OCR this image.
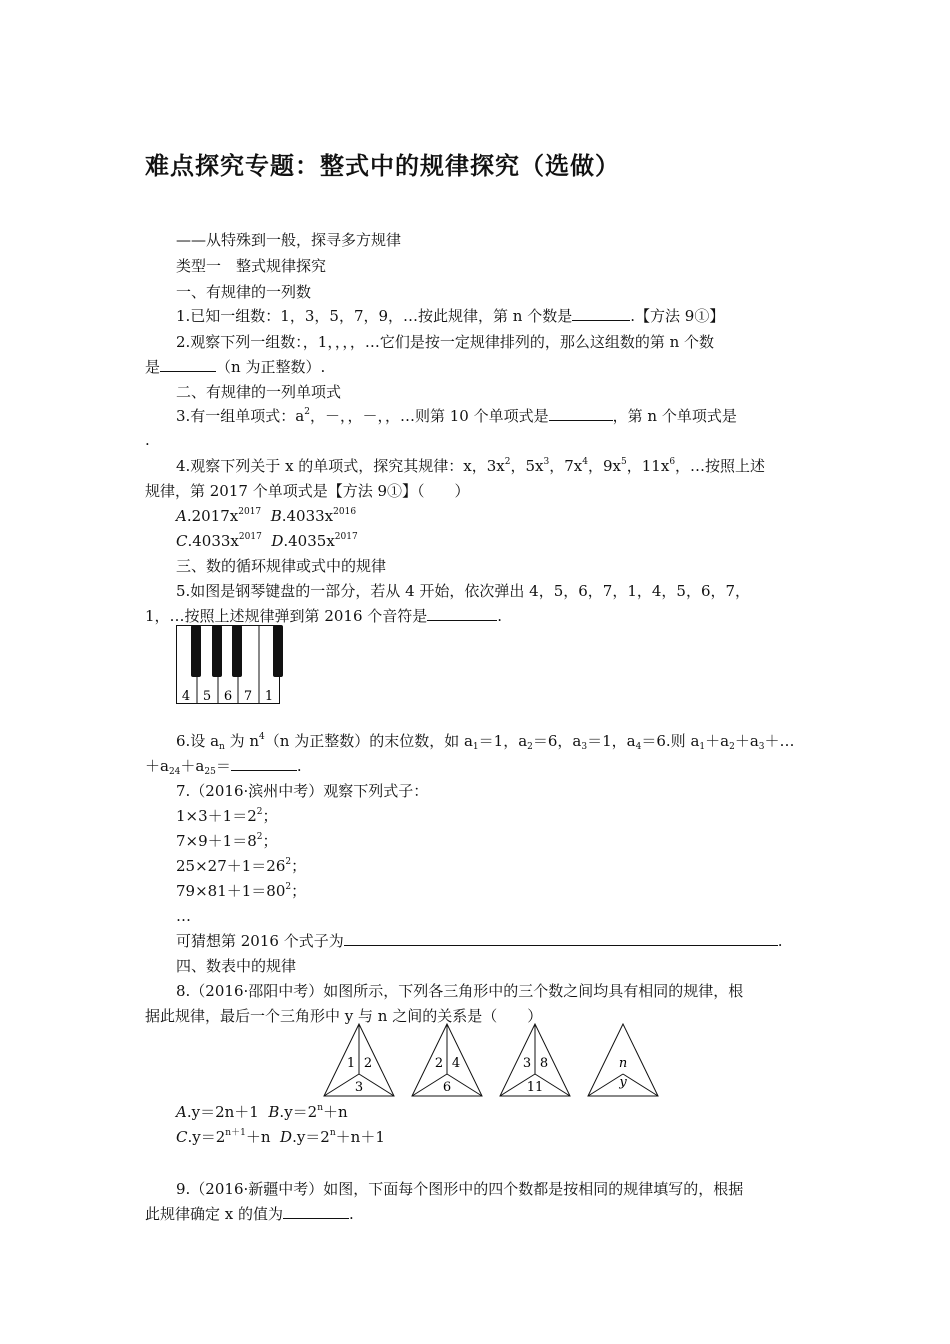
难点探究专题：整式中的规律探究（选做）
——从特殊到一般，探寻多方规律
类型一　整式规律探究
一、有规律的一列数
1.已知一组数：1，3，5，7，9，…按此规律，第 n 个数是	.【方法 9①】
2.观察下列一组数：，1，，，，…它们是按一定规律排列的，那么这组数的第 n 个数
是	（n 为正整数）.
二、有规律的一列单项式
3.有一组单项式：$a^2$，－，，－，，…则第 10 个单项式是	，第 n 个单项式是
.
4.观察下列关于 x 的单项式，探究其规律：x，$3x^2$，$5x^3$，$7x^4$，$9x^5$，$11x^6$，…按照上述
规律，第 2017 个单项式是【方法 9①】（　　）
$A.2017x^{2017}$ $B.4033x^{2016}$
$C.4033x^{2017}$ $D.4035x^{2017}$
三、数的循环规律或式中的规律
5.如图是钢琴键盘的一部分，若从 4 开始，依次弹出 4，5，6，7，1，4，5，6，7，
1，…按照上述规律弹到第 2016 个音符是	.
4 5 6 7 1
6.设 $a_n$ 为 $n^4(n$ 为正整数）的末位数，如 $a_1=1$，$a_2=6$，$a_3=1$，$a_4=6$.则 $a_1+a_2+a_3+\dots$
$+a_{24}+a_{25}=$	.
7.（2016·滨州中考）观察下列式子：
$1\times 3+1=2^2$；
$7\times 9+1=8^2$；
$25\times 27+1=26^2$；
$79\times 81+1=80^2$；
…
可猜想第 2016 个式子为	.
四、数表中的规律
8.（2016·邵阳中考）如图所示，下列各三角形中的三个数之间均具有相同的规律，根
据此规律，最后一个三角形中 y 与 n 之间的关系是（　　）
1 2
3
2 4
6
3 8
11
n
y
A.y＝2n＋1 $B.y=2^n+n$
$C.y=2^{n+1}+n$ $D.y=2^n+n+1$
9.（2016·新疆中考）如图，下面每个图形中的四个数都是按相同的规律填写的，根据
此规律确定 x 的值为	.
